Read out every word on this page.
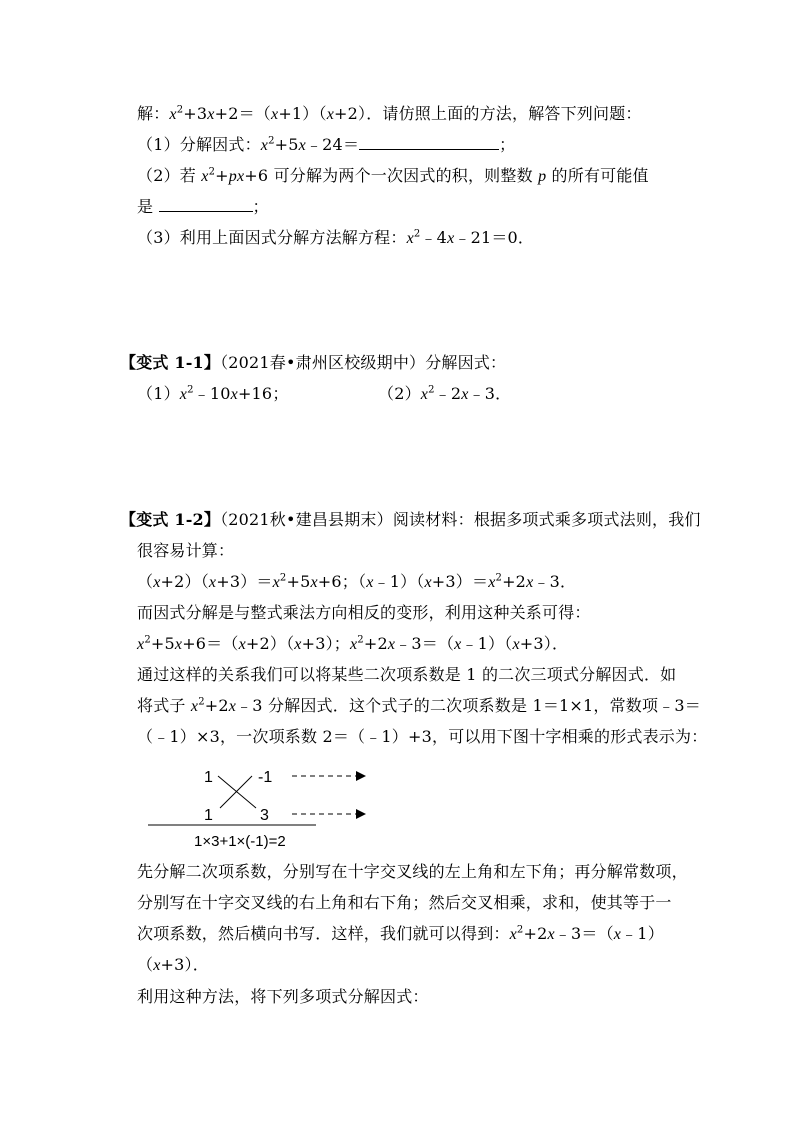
解：$x^2+3x+2=(x+1)(x+2)$．请仿照上面的方法，解答下列问题：
（1）分解因式：$x^2+5x﹣24=$	；
（2）若 $x^2+px+6$ 可分解为两个一次因式的积，则整数 p 的所有可能值
是	；
（3）利用上面因式分解方法解方程：$x^2﹣4x﹣21=0$．
【变式 1-1】（2021春•肃州区校级期中）分解因式：
$(1)x^2﹣10x+16$；	$(2)x^2﹣2x﹣3$．
【变式 1-2】（2021秋•建昌县期末）阅读材料：根据多项式乘多项式法则，我们
很容易计算：
$(x+2)(x+3)=x^2+5x+6$；$(x﹣1)(x+3)=x^2+2x﹣3$．
而因式分解是与整式乘法方向相反的变形，利用这种关系可得：
$x^2+5x+6=(x+2)(x+3)$；$x^2+2x﹣3=(x﹣1)(x+3)$．
通过这样的关系我们可以将某些二次项系数是 1 的二次三项式分解因式．如
将式子 $x^2+2x﹣3$ 分解因式．这个式子的二次项系数是 1＝1×1，常数项﹣3＝
（﹣1）×3，一次项系数 2＝（﹣1）+3，可以用下图十字相乘的形式表示为：
1	-1
1	3
1×3+1×(-1)=2
先分解二次项系数，分别写在十字交叉线的左上角和左下角；再分解常数项，
分别写在十字交叉线的右上角和右下角；然后交叉相乘，求和，使其等于一
次项系数，然后横向书写．这样，我们就可以得到：$x^2+2x﹣3=(x﹣1)$
（x+3）．
利用这种方法，将下列多项式分解因式：
